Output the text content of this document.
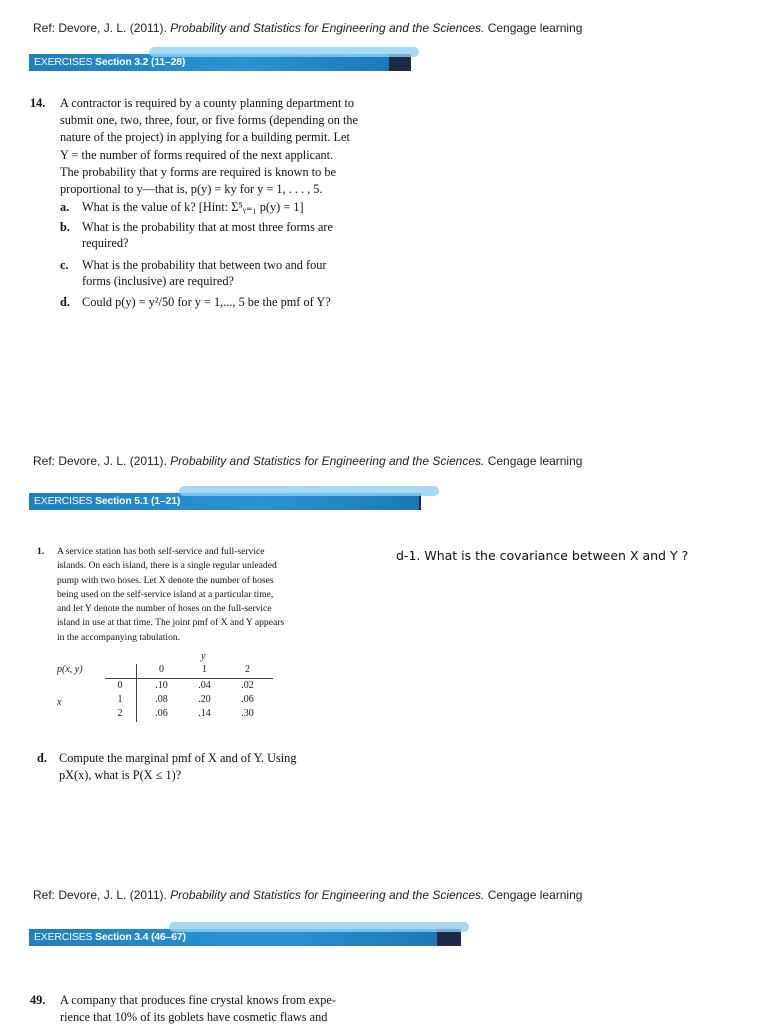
Ref: Devore, J. L. (2011). Probability and Statistics for Engineering and the Sciences. Cengage learning
EXERCISES Section 3.2 (11–28)
14. A contractor is required by a county planning department to

submit one, two, three, four, or five forms (depending on the

nature of the project) in applying for a building permit. Let

Y = the number of forms required of the next applicant.

The probability that y forms are required is known to be

proportional to y—that is, p(y) = ky for y = 1, . . . , 5.

a. What is the value of k? [Hint: Σ⁵ᵧ₌₁ p(y) = 1]
b. What is the probability that at most three forms are
required?
c. What is the probability that between two and four
forms (inclusive) are required?
d. Could p(y) = y²/50 for y = 1,..., 5 be the pmf of Y?
Ref: Devore, J. L. (2011). Probability and Statistics for Engineering and the Sciences. Cengage learning
EXERCISES Section 5.1 (1–21)
1. A service station has both self-service and full-service

islands. On each island, there is a single regular unleaded

pump with two hoses. Let X denote the number of hoses

being used on the self-service island at a particular time,

and let Y denote the number of hoses on the full-service

island in use at that time. The joint pmf of X and Y appears

in the accompanying tabulation.

y
p(x, y)
x
0	1	2
0	.10	.04	.02
1	.08	.20	.06
2	.06	.14	.30
d. Compute the marginal pmf of X and of Y. Using

pX(x), what is P(X ≤ 1)?

d-1. What is the covariance between X and Y ?
Ref: Devore, J. L. (2011). Probability and Statistics for Engineering and the Sciences. Cengage learning
EXERCISES Section 3.4 (46–67)
49. A company that produces fine crystal knows from expe-

rience that 10% of its goblets have cosmetic flaws and
